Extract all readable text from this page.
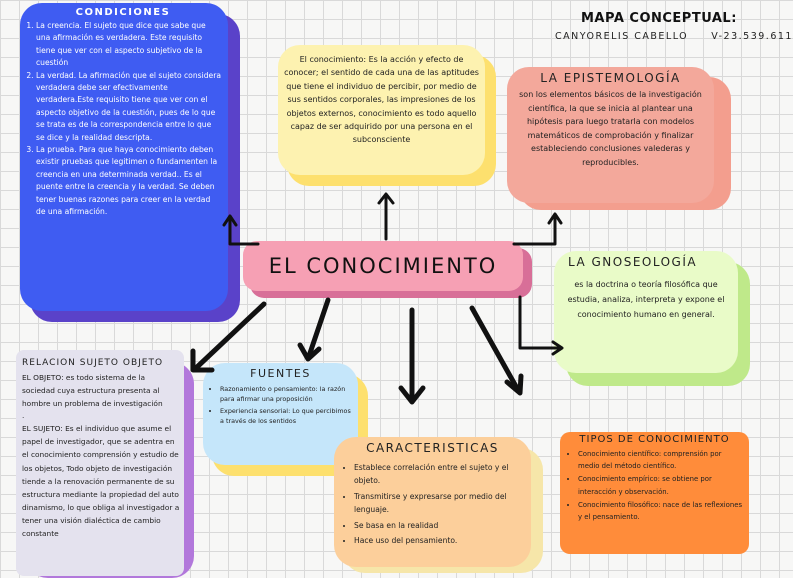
MAPA CONCEPTUAL:
CANYORELIS CABELLO V-23.539.611
CONDICIONES
1. La creencia. El sujeto que dice que sabe que una afirmación es verdadera. Este requisito tiene que ver con el aspecto subjetivo de la cuestión
2. La verdad. La afirmación que el sujeto considera verdadera debe ser efectivamente verdadera.Este requisito tiene que ver con el aspecto objetivo de la cuestión, pues de lo que se trata es de la correspondencia entre lo que se dice y la realidad descripta.
3. La prueba. Para que haya conocimiento deben existir pruebas que legitimen o fundamenten la creencia en una determinada verdad.. Es el puente entre la creencia y la verdad. Se deben tener buenas razones para creer en la verdad de una afirmación.

El conocimiento: Es la acción y efecto de conocer; el sentido de cada una de las aptitudes que tiene el individuo de percibir, por medio de sus sentidos corporales, las impresiones de los objetos externos, conocimiento es todo aquello capaz de ser adquirido por una persona en el subconsciente

LA EPISTEMOLOGÍA

son los elementos básicos de la investigación científica, la que se inicia al plantear una hipótesis para luego tratarla con modelos matemáticos de comprobación y finalizar estableciendo conclusiones valederas y reproducibles.

EL CONOCIMIENTO	LA GNOSEOLOGÍA

es la doctrina o teoría filosófica que estudia, analiza, interpreta y expone el conocimiento humano en general.

RELACION SUJETO OBJETO

EL OBJETO: es todo sistema de la sociedad cuya estructura presenta al hombre un problema de investigación

.

EL SUJETO: Es el individuo que asume el papel de investigador, que se adentra en el conocimiento comprensión y estudio de los objetos, Todo objeto de investigación tiende a la renovación permanente de su estructura mediante la propiedad del auto dinamismo, lo que obliga al investigador a tener una visión dialéctica de cambio constante

FUENTES
• Razonamiento o pensamiento: la razón para afirmar una proposición
• Experiencia sensorial: Lo que percibimos a través de los sentidos
CARACTERISTICAS
• Establece correlación entre el sujeto y el objeto.
• Transmitirse y expresarse por medio del lenguaje.
• Se basa en la realidad
• Hace uso del pensamiento.
TIPOS DE CONOCIMIENTO
• Conocimiento científico: comprensión por medio del método científico.
• Conocimiento empírico: se obtiene por interacción y observación.
• Conocimiento filosófico: nace de las reflexiones y el pensamiento.
